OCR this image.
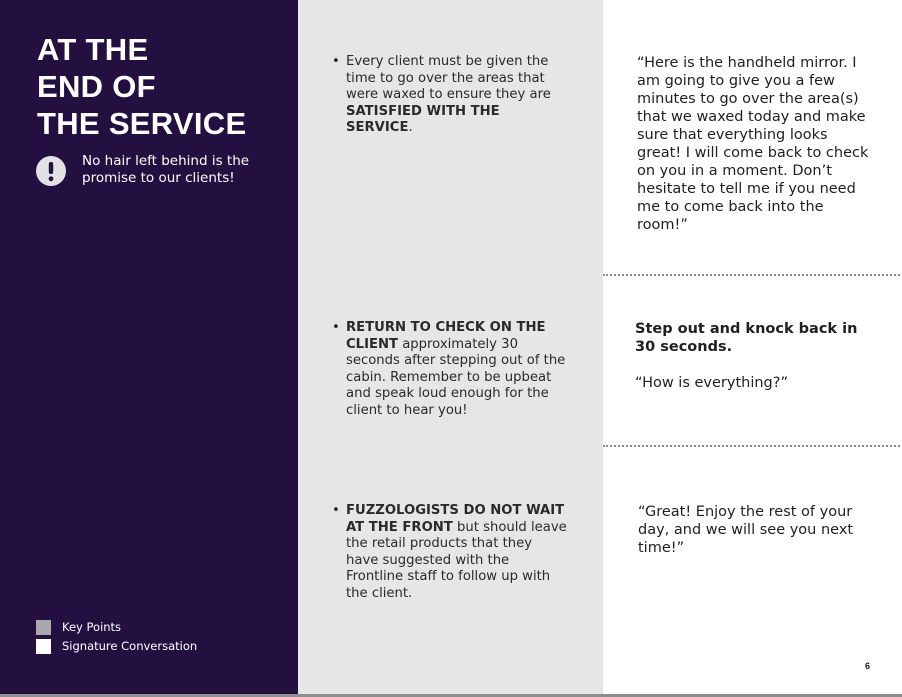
AT THE
END OF
THE SERVICE
No hair left behind is the promise to our clients!
Key Points
Signature Conversation
• Every client must be given the time to go over the areas that were waxed to ensure they are SATISFIED WITH THE SERVICE.
• RETURN TO CHECK ON THE CLIENT approximately 30 seconds after stepping out of the cabin. Remember to be upbeat and speak loud enough for the client to hear you!
• FUZZOLOGISTS DO NOT WAIT AT THE FRONT but should leave the retail products that they have suggested with the Frontline staff to follow up with the client.
“Here is the handheld mirror. I am going to give you a few minutes to go over the area(s) that we waxed today and make sure that everything looks great! I will come back to check on you in a moment. Don’t hesitate to tell me if you need me to come back into the room!”
Step out and knock back in 30 seconds.
“How is everything?”
“Great! Enjoy the rest of your day, and we will see you next time!”
6
